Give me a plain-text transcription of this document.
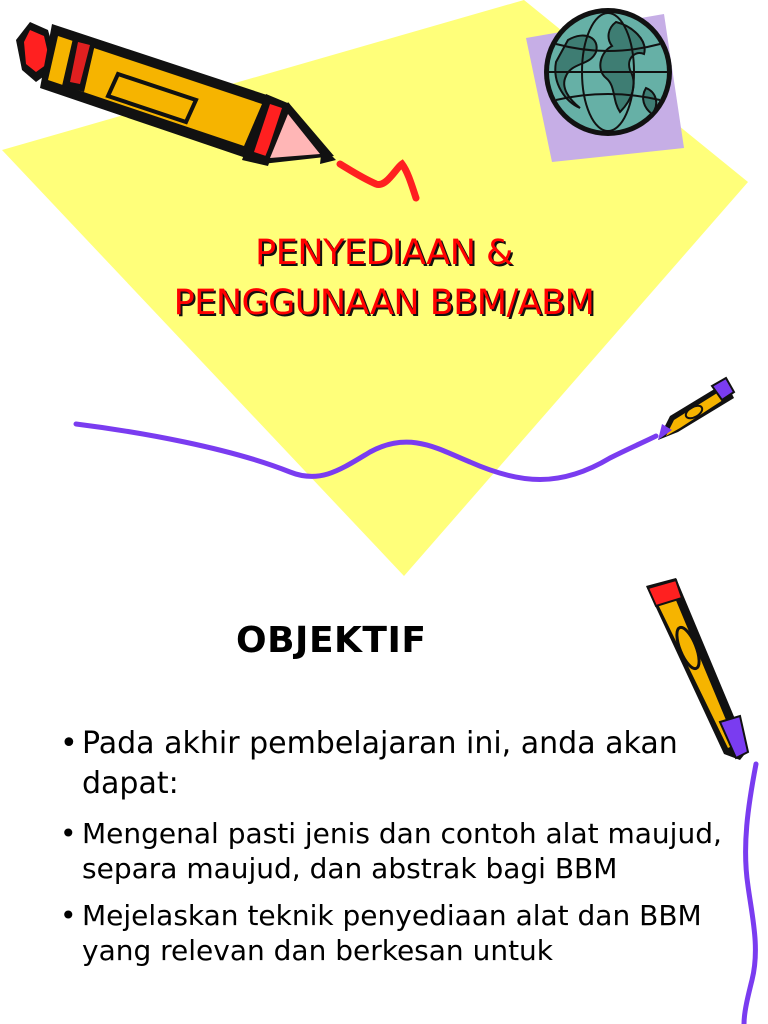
PENYEDIAAN &
PENGGUNAAN BBM/ABM
OBJEKTIF
• Pada akhir pembelajaran ini, anda akan dapat:
• Mengenal pasti jenis dan contoh alat maujud, separa maujud, dan abstrak bagi BBM
• Mejelaskan teknik penyediaan alat dan BBM yang relevan dan berkesan untuk
